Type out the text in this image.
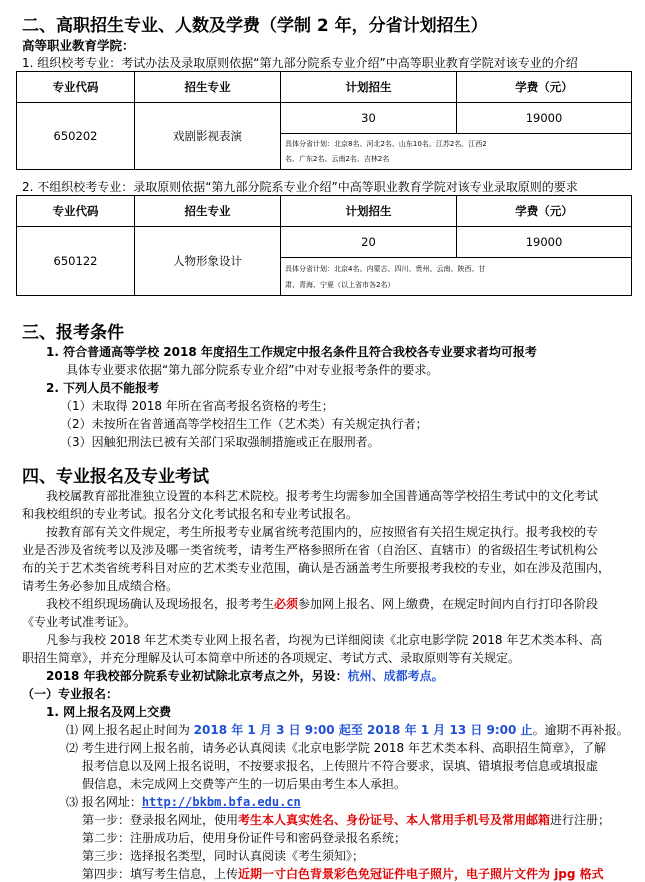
二、高职招生专业、人数及学费（学制 2 年，分省计划招生）
高等职业教育学院：
1. 组织校考专业：考试办法及录取原则依据“第九部分院系专业介绍”中高等职业教育学院对该专业的介绍
专业代码	招生专业	计划招生	学费（元）
650202	戏剧影视表演	30	19000

		具体分省计划：北京8名、河北2名、山东10名、江苏2名、江西2
名、广东2名、云南2名、吉林2名	
2. 不组织校考专业：录取原则依据“第九部分院系专业介绍”中高等职业教育学院对该专业录取原则的要求
专业代码	招生专业	计划招生	学费（元）
650122	人物形象设计	20	19000

		具体分省计划：北京4名、内蒙古、四川、贵州、云南、陕西、甘
肃、青海、宁夏（以上省市各2名）	
三、报考条件
1. 符合普通高等学校 2018 年度招生工作规定中报名条件且符合我校各专业要求者均可报考
具体专业要求依据“第九部分院系专业介绍”中对专业报考条件的要求。
2. 下列人员不能报考
（1）未取得 2018 年所在省高考报名资格的考生；
（2）未按所在省普通高等学校招生工作（艺术类）有关规定执行者；
（3）因触犯刑法已被有关部门采取强制措施或正在服刑者。
四、专业报名及专业考试
我校属教育部批准独立设置的本科艺术院校。报考考生均需参加全国普通高等学校招生考试中的文化考试
和我校组织的专业考试。报名分文化考试报名和专业考试报名。
按教育部有关文件规定，考生所报考专业属省统考范围内的，应按照省有关招生规定执行。报考我校的专
业是否涉及省统考以及涉及哪一类省统考，请考生严格参照所在省（自治区、直辖市）的省级招生考试机构公
布的关于艺术类省统考科目对应的艺术类专业范围，确认是否涵盖考生所要报考我校的专业，如在涉及范围内，
请考生务必参加且成绩合格。
我校不组织现场确认及现场报名，报考考生必须参加网上报名、网上缴费，在规定时间内自行打印各阶段
《专业考试准考证》。
凡参与我校 2018 年艺术类专业网上报名者，均视为已详细阅读《北京电影学院 2018 年艺术类本科、高
职招生简章》，并充分理解及认可本简章中所述的各项规定、考试方式、录取原则等有关规定。
2018 年我校部分院系专业初试除北京考点之外，另设：杭州、成都考点。
（一）专业报名：
1. 网上报名及网上交费
⑴ 网上报名起止时间为 2018 年 1 月 3 日 9:00 起至 2018 年 1 月 13 日 9:00 止。逾期不再补报。
⑵ 考生进行网上报名前，请务必认真阅读《北京电影学院 2018 年艺术类本科、高职招生简章》，了解
报考信息以及网上报名说明，不按要求报名，上传照片不符合要求，误填、错填报考信息或填报虚
假信息，未完成网上交费等产生的一切后果由考生本人承担。
⑶ 报名网址：http://bkbm.bfa.edu.cn
第一步：登录报名网址，使用考生本人真实姓名、身份证号、本人常用手机号及常用邮箱进行注册；
第二步：注册成功后，使用身份证件号和密码登录报名系统；
第三步：选择报名类型，同时认真阅读《考生须知》；
第四步：填写考生信息，上传近期一寸白色背景彩色免冠证件电子照片，电子照片文件为 jpg 格式
